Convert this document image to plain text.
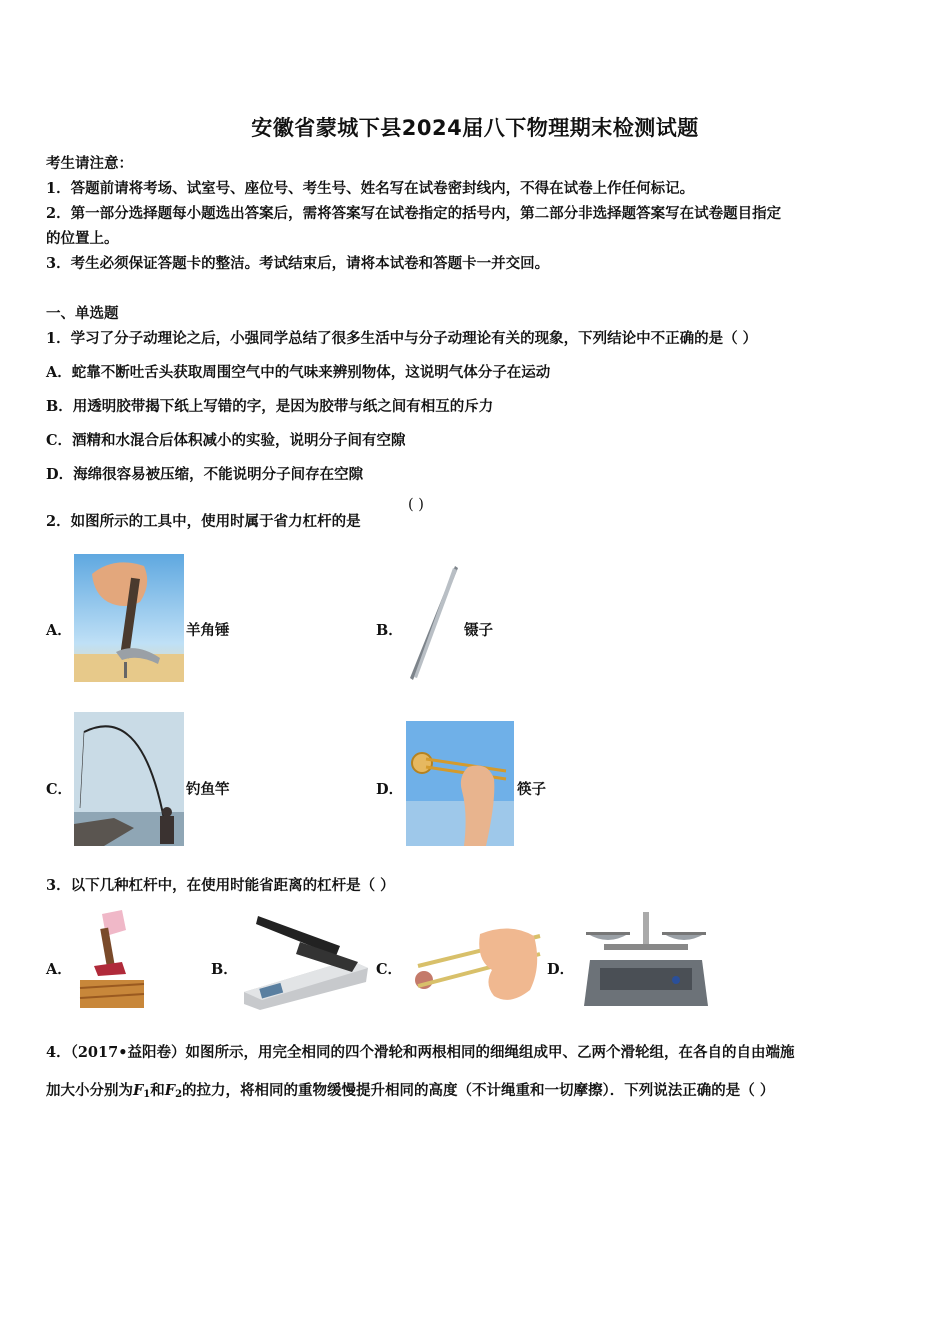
安徽省蒙城下县2024届八下物理期末检测试题
考生请注意：
1．答题前请将考场、试室号、座位号、考生号、姓名写在试卷密封线内，不得在试卷上作任何标记。
2．第一部分选择题每小题选出答案后，需将答案写在试卷指定的括号内，第二部分非选择题答案写在试卷题目指定
的位置上。
3．考生必须保证答题卡的整洁。考试结束后，请将本试卷和答题卡一并交回。
一、单选题
1．学习了分子动理论之后，小强同学总结了很多生活中与分子动理论有关的现象，下列结论中不正确的是（ ）
A．蛇靠不断吐舌头获取周围空气中的气味来辨别物体，这说明气体分子在运动
B．用透明胶带揭下纸上写错的字，是因为胶带与纸之间有相互的斥力
C．酒精和水混合后体积减小的实验，说明分子间有空隙
D．海绵很容易被压缩，不能说明分子间存在空隙
2．如图所示的工具中，使用时属于省力杠杆的是
( )
A．	羊角锤	B．	镊子
C．	钓鱼竿	D．	筷子
3．以下几种杠杆中，在使用时能省距离的杠杆是（ ）
A．	B．	C．	D．
4．（2017•益阳卷）如图所示，用完全相同的四个滑轮和两根相同的细绳组成甲、乙两个滑轮组，在各自的自由端施
加大小分别为$F_1$和$F_2$的拉力，将相同的重物缓慢提升相同的高度（不计绳重和一切摩擦）．下列说法正确的是（ ）
